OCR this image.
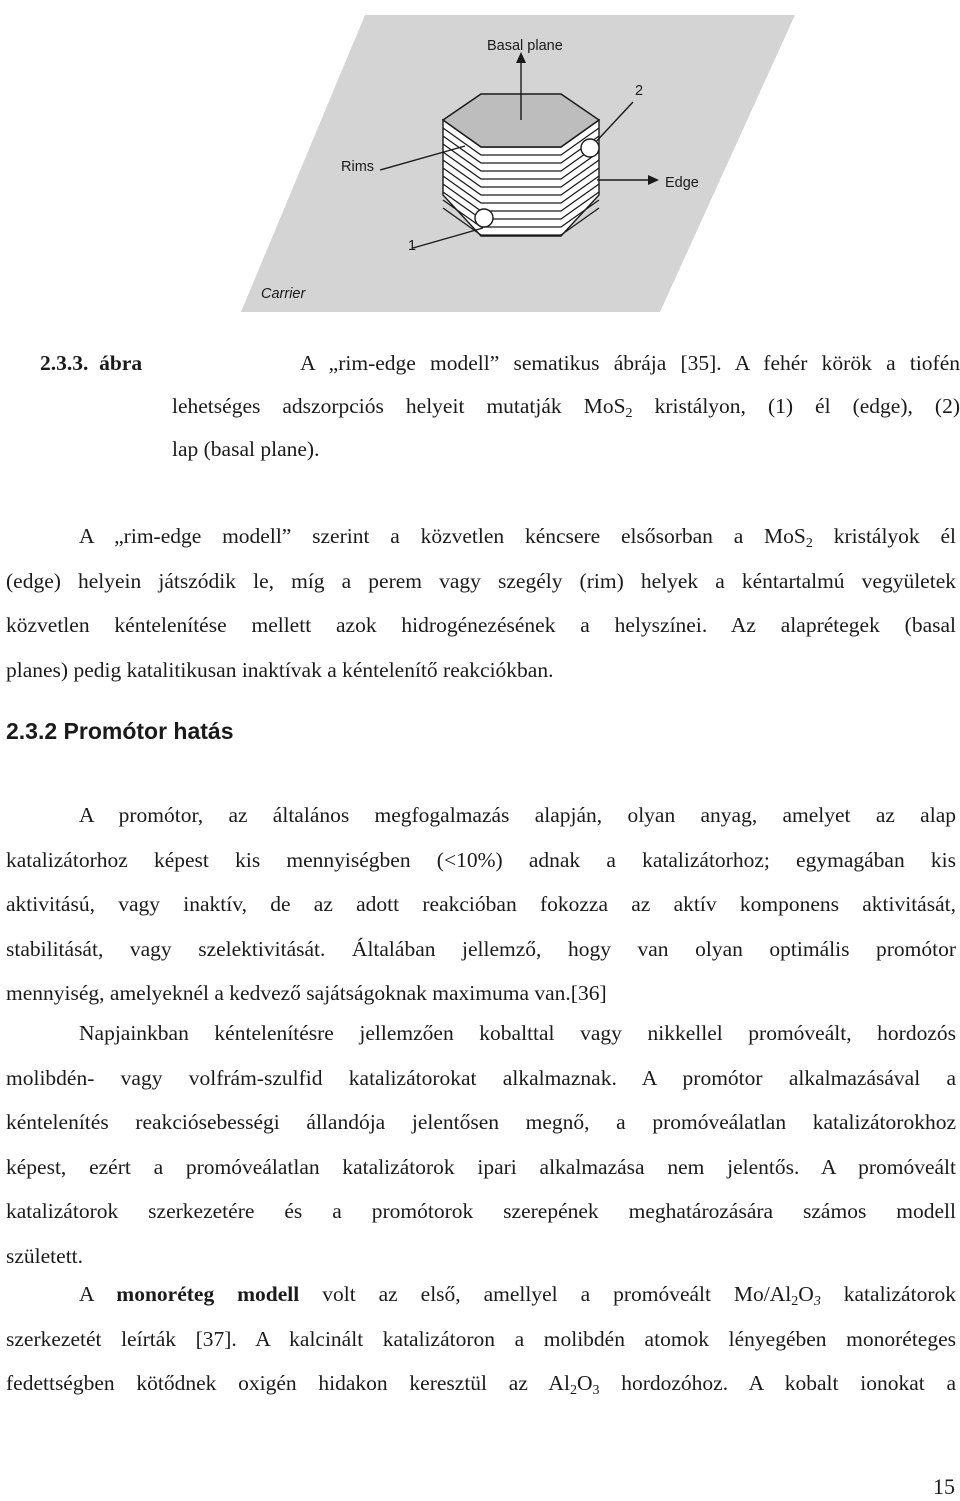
Basal plane
2
Rims
Edge
1
Carrier
2.3.3. ábra	A „rim-edge modell” sematikus ábrája [35]. A fehér körök a tiofén
lehetséges adszorpciós helyeit mutatják MoS$_2$ kristályon, (1) él (edge), (2)
lap (basal plane).
A „rim-edge modell” szerint a közvetlen kéncsere elsősorban a MoS$_2$ kristályok él
(edge) helyein játszódik le, míg a perem vagy szegély (rim) helyek a kéntartalmú vegyületek
közvetlen kéntelenítése mellett azok hidrogénezésének a helyszínei. Az alaprétegek (basal
planes) pedig katalitikusan inaktívak a kéntelenítő reakciókban.
2.3.2 Promótor hatás
A promótor, az általános megfogalmazás alapján, olyan anyag, amelyet az alap
katalizátorhoz képest kis mennyiségben (<10%) adnak a katalizátorhoz; egymagában kis
aktivitású, vagy inaktív, de az adott reakcióban fokozza az aktív komponens aktivitását,
stabilitását, vagy szelektivitását. Általában jellemző, hogy van olyan optimális promótor
mennyiség, amelyeknél a kedvező sajátságoknak maximuma van.[36]
Napjainkban kéntelenítésre jellemzően kobalttal vagy nikkellel promóveált, hordozós
molibdén- vagy volfrám-szulfid katalizátorokat alkalmaznak. A promótor alkalmazásával a
kéntelenítés reakciósebességi állandója jelentősen megnő, a promóveálatlan katalizátorokhoz
képest, ezért a promóveálatlan katalizátorok ipari alkalmazása nem jelentős. A promóveált
katalizátorok szerkezetére és a promótorok szerepének meghatározására számos modell
született.
A monoréteg modell volt az első, amellyel a promóveált $Mo/Al_2O_3$ katalizátorok
szerkezetét leírták [37]. A kalcinált katalizátoron a molibdén atomok lényegében monoréteges
fedettségben kötődnek oxigén hidakon keresztül az $Al_2O_3$ hordozóhoz. A kobalt ionokat a
15
